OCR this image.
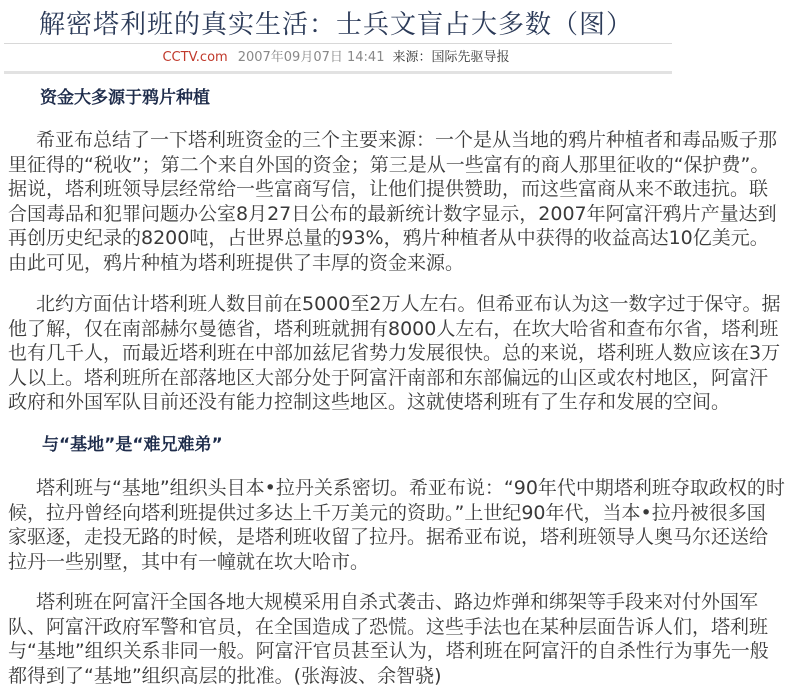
解密塔利班的真实生活：士兵文盲占大多数（图）
CCTV.com 2007年09月07日 14:41 来源：国际先驱导报
资金大多源于鸦片种植
希亚布总结了一下塔利班资金的三个主要来源：一个是从当地的鸦片种植者和毒品贩子那
里征得的“税收”；第二个来自外国的资金；第三是从一些富有的商人那里征收的“保护费”。
据说，塔利班领导层经常给一些富商写信，让他们提供赞助，而这些富商从来不敢违抗。联
合国毒品和犯罪问题办公室8月27日公布的最新统计数字显示，2007年阿富汗鸦片产量达到
再创历史纪录的8200吨，占世界总量的93%，鸦片种植者从中获得的收益高达10亿美元。
由此可见，鸦片种植为塔利班提供了丰厚的资金来源。
北约方面估计塔利班人数目前在5000至2万人左右。但希亚布认为这一数字过于保守。据
他了解，仅在南部赫尔曼德省，塔利班就拥有8000人左右，在坎大哈省和查布尔省，塔利班
也有几千人，而最近塔利班在中部加兹尼省势力发展很快。总的来说，塔利班人数应该在3万
人以上。塔利班所在部落地区大部分处于阿富汗南部和东部偏远的山区或农村地区，阿富汗
政府和外国军队目前还没有能力控制这些地区。这就使塔利班有了生存和发展的空间。
与“基地”是“难兄难弟”
塔利班与“基地”组织头目本•拉丹关系密切。希亚布说：“90年代中期塔利班夺取政权的时
候，拉丹曾经向塔利班提供过多达上千万美元的资助。”上世纪90年代，当本•拉丹被很多国
家驱逐，走投无路的时候，是塔利班收留了拉丹。据希亚布说，塔利班领导人奥马尔还送给
拉丹一些别墅，其中有一幢就在坎大哈市。
塔利班在阿富汗全国各地大规模采用自杀式袭击、路边炸弹和绑架等手段来对付外国军
队、阿富汗政府军警和官员，在全国造成了恐慌。这些手法也在某种层面告诉人们，塔利班
与“基地”组织关系非同一般。阿富汗官员甚至认为，塔利班在阿富汗的自杀性行为事先一般
都得到了“基地”组织高层的批准。(张海波、余智骁)
